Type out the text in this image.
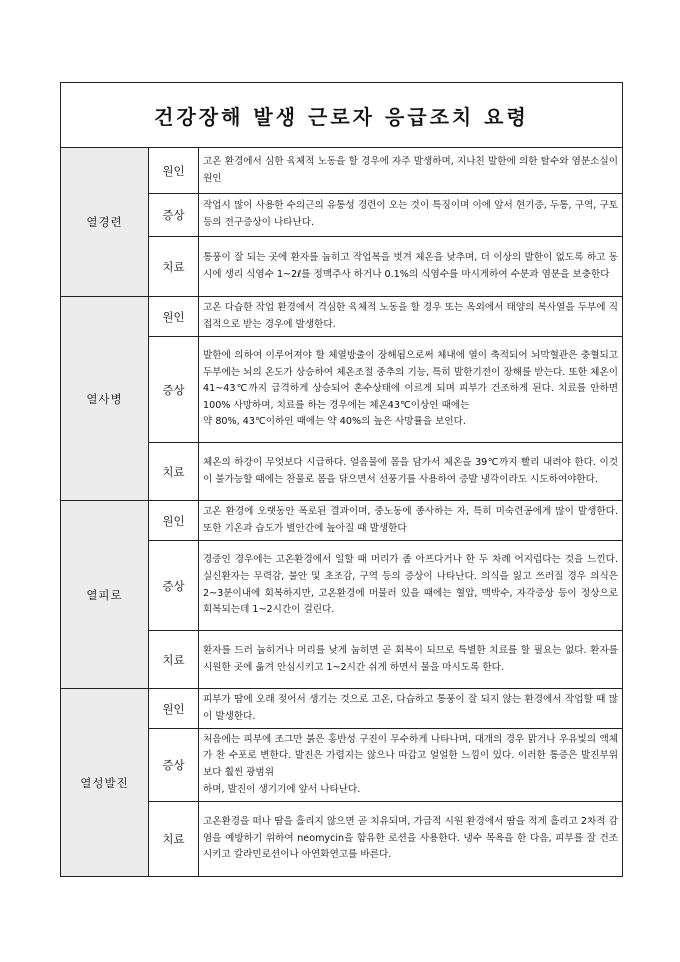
건강장해 발생 근로자 응급조치 요령		
열경련	원인	고온 환경에서 심한 육체적 노동을 할 경우에 자주 발생하며, 지나친 발한에 의한 탈수와 염분소실이 원인

	증상	작업시 많이 사용한 수의근의 유통성 경련이 오는 것이 특징이며 이에 앞서 현기증, 두통, 구역, 구토 등의 전구증상이 나타난다.

	치료	통풍이 잘 되는 곳에 환자를 눕히고 작업복을 벗겨 체온을 낮추며, 더 이상의 발한이 없도록 하고 동시에 생리 식염수 1~2ℓ를 정맥주사 하거나 0.1%의 식염수를 마시게하여 수분과 염분을 보충한다

열사병	원인	고온 다습한 작업 환경에서 격심한 육체적 노동을 할 경우 또는 옥외에서 태양의 복사열을 두부에 직접적으로 받는 경우에 발생한다.

	증상	발한에 의하여 이루어져야 할 체열방출이 장해됨으로써 체내에 열이 축적되어 뇌막혈관은 충혈되고 두부에는 뇌의 온도가 상승하여 체온조절 중추의 기능, 특히 발한기전이 장해를 받는다. 또한 체온이 41~43℃까지 급격하게 상승되어 혼수상태에 이르게 되며 피부가 건조하게 된다. 치료를 안하면 100% 사망하며, 치료를 하는 경우에는 체온43℃이상인 때에는

약 80%, 43℃이하인 때에는 약 40%의 높은 사망률을 보인다.

	치료	체온의 하강이 무엇보다 시급하다. 얼음물에 몸을 담가서 체온을 39℃까지 빨리 내려야 한다. 이것이 불가능할 때에는 찬물로 몸을 닦으면서 선풍기를 사용하여 증발 냉각이라도 시도하여야한다.

열피로	원인	고온 환경에 오랫동안 폭로된 결과이며, 중노동에 종사하는 자, 특히 미숙련공에게 많이 발생한다. 또한 기온과 습도가 별안간에 높아질 때 발생한다

	증상	경증인 경우에는 고온환경에서 일할 때 머리가 좀 아프다거나 한 두 차례 어지럽다는 것을 느낀다. 실신환자는 무력감, 불안 및 초조감, 구역 등의 증상이 나타난다. 의식을 잃고 쓰러질 경우 의식은 2~3분이내에 회복하지만, 고온환경에 머물러 있을 때에는 혈압, 맥박수, 자각증상 등이 정상으로 회복되는데 1~2시간이 걸린다.

	치료	환자를 드러 눕히거나 머리를 낮게 눕히면 곧 회복이 되므로 특별한 치료를 할 필요는 없다. 환자를 시원한 곳에 옮겨 안심시키고 1~2시간 쉬게 하면서 물을 마시도록 한다.

열성발진	원인	피부가 땀에 오래 젖어서 생기는 것으로 고온, 다습하고 통풍이 잘 되지 않는 환경에서 작업할 때 많이 발생한다.

	증상	처음에는 피부에 조그만 붉은 홍반성 구진이 무수하게 나타나며, 대개의 경우 맑거나 우유빛의 액체가 찬 수포로 변한다. 발진은 가렵지는 않으나 따갑고 얼얼한 느낌이 있다. 이러한 통증은 발진부위보다 훨씬 광범위

하며, 발진이 생기기에 앞서 나타난다.

	치료	고온환경을 떠나 땀을 흘리지 않으면 곧 치유되며, 가급적 시원 환경에서 땀을 적게 흘리고 2차적 감염을 예방하기 위하여 neomycin을 함유한 로션을 사용한다. 냉수 목욕을 한 다음, 피부를 잘 건조시키고 칼라민로션이나 아연화연고를 바른다.
